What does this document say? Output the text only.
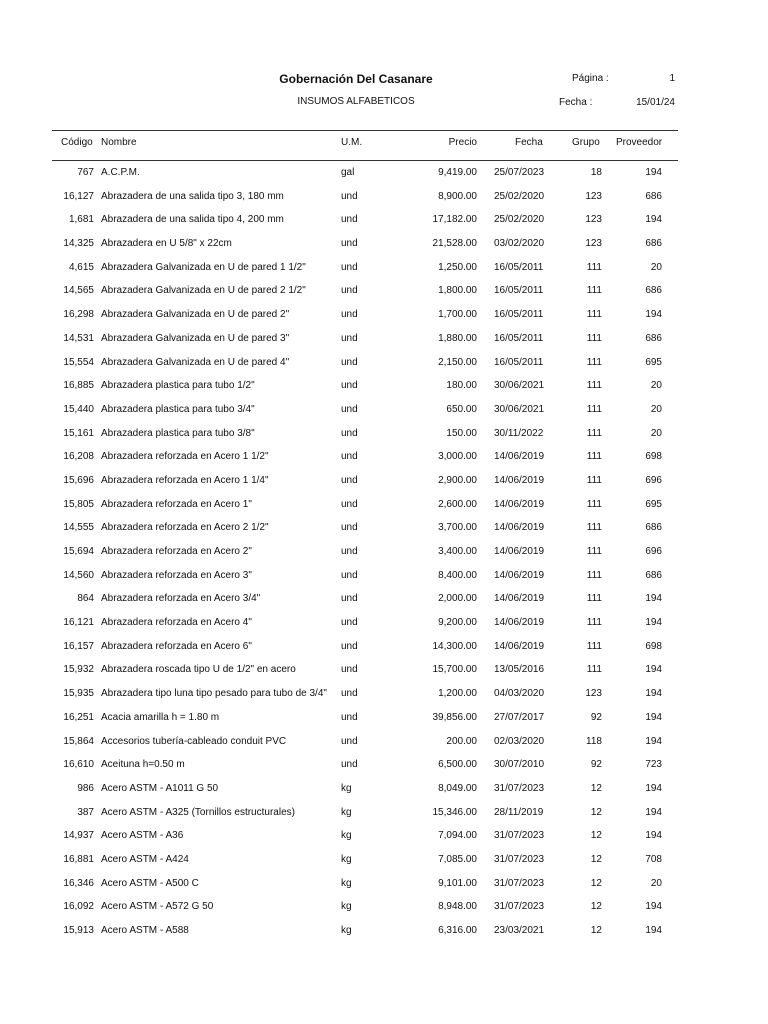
Gobernación Del Casanare
INSUMOS ALFABETICOS
Página :	1
Fecha :	15/01/24
Código Nombre	U.M.	Precio	Fecha	Grupo Proveedor
767 A.C.P.M.	gal	9,419.00 25/07/2023	18	194
16,127 Abrazadera de una salida tipo 3, 180 mm	und	8,900.00 25/02/2020	123	686
1,681 Abrazadera de una salida tipo 4, 200 mm	und	17,182.00 25/02/2020	123	194
14,325 Abrazadera en U 5/8" x 22cm	und	21,528.00 03/02/2020	123	686
4,615 Abrazadera Galvanizada en U de pared 1 1/2"	und	1,250.00 16/05/2011	111	20
14,565 Abrazadera Galvanizada en U de pared 2 1/2"	und	1,800.00 16/05/2011	111	686
16,298 Abrazadera Galvanizada en U de pared 2"	und	1,700.00 16/05/2011	111	194
14,531 Abrazadera Galvanizada en U de pared 3"	und	1,880.00 16/05/2011	111	686
15,554 Abrazadera Galvanizada en U de pared 4"	und	2,150.00 16/05/2011	111	695
16,885 Abrazadera plastica para tubo 1/2"	und	180.00 30/06/2021	111	20
15,440 Abrazadera plastica para tubo 3/4"	und	650.00 30/06/2021	111	20
15,161 Abrazadera plastica para tubo 3/8"	und	150.00 30/11/2022	111	20
16,208 Abrazadera reforzada en Acero 1 1/2"	und	3,000.00 14/06/2019	111	698
15,696 Abrazadera reforzada en Acero 1 1/4"	und	2,900.00 14/06/2019	111	696
15,805 Abrazadera reforzada en Acero 1"	und	2,600.00 14/06/2019	111	695
14,555 Abrazadera reforzada en Acero 2 1/2"	und	3,700.00 14/06/2019	111	686
15,694 Abrazadera reforzada en Acero 2"	und	3,400.00 14/06/2019	111	696
14,560 Abrazadera reforzada en Acero 3"	und	8,400.00 14/06/2019	111	686
864 Abrazadera reforzada en Acero 3/4"	und	2,000.00 14/06/2019	111	194
16,121 Abrazadera reforzada en Acero 4"	und	9,200.00 14/06/2019	111	194
16,157 Abrazadera reforzada en Acero 6"	und	14,300.00 14/06/2019	111	698
15,932 Abrazadera roscada tipo U de 1/2" en acero	und	15,700.00 13/05/2016	111	194
15,935 Abrazadera tipo luna tipo pesado para tubo de 3/4" und	1,200.00 04/03/2020	123	194
16,251 Acacia amarilla h = 1.80 m	und	39,856.00 27/07/2017	92	194
15,864 Accesorios tubería-cableado conduit PVC	und	200.00 02/03/2020	118	194
16,610 Aceituna h=0.50 m	und	6,500.00 30/07/2010	92	723
986 Acero ASTM - A1011 G 50	kg	8,049.00 31/07/2023	12	194
387 Acero ASTM - A325 (Tornillos estructurales)	kg	15,346.00 28/11/2019	12	194
14,937 Acero ASTM - A36	kg	7,094.00 31/07/2023	12	194
16,881 Acero ASTM - A424	kg	7,085.00 31/07/2023	12	708
16,346 Acero ASTM - A500 C	kg	9,101.00 31/07/2023	12	20
16,092 Acero ASTM - A572 G 50	kg	8,948.00 31/07/2023	12	194
15,913 Acero ASTM - A588	kg	6,316.00 23/03/2021	12	194
